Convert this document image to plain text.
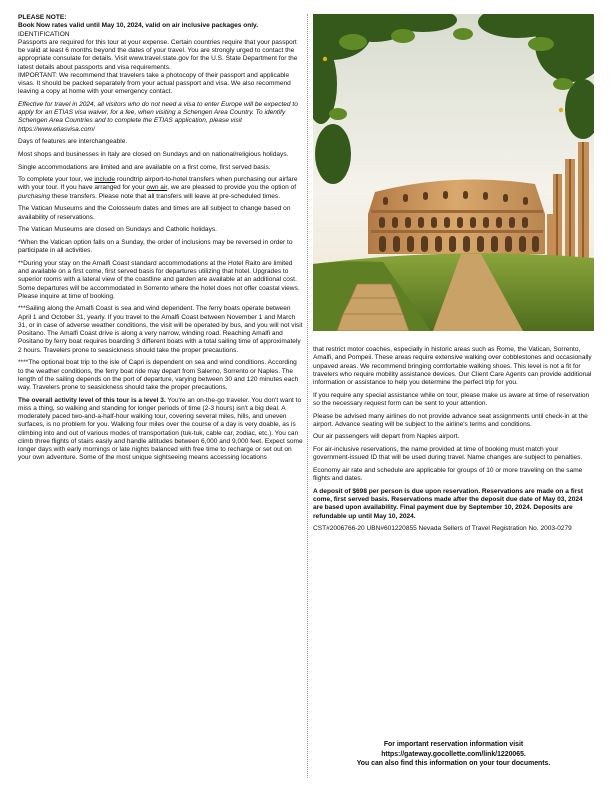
PLEASE NOTE:

Book Now rates valid until May 10, 2024, valid on air inclusive packages only.

IDENTIFICATION

Passports are required for this tour at your expense. Certain countries require that your passport be valid at least 6 months beyond the dates of your travel. You are strongly urged to contact the appropriate consulate for details. Visit www.travel.state.gov for the U.S. State Department for the latest details about passports and visa requirements.

IMPORTANT: We recommend that travelers take a photocopy of their passport and applicable visas. It should be packed separately from your actual passport and visa. We also recommend leaving a copy at home with your emergency contact.

Effective for travel in 2024, all visitors who do not need a visa to enter Europe will be expected to apply for an ETIAS visa waiver, for a fee, when visiting a Schengen Area Country. To identify Schengen Area Countries and to complete the ETIAS application, please visit https://www.etiasvisa.com/

Days of features are interchangeable.

Most shops and businesses in Italy are closed on Sundays and on national/religious holidays.

Single accommodations are limited and are available on a first come, first served basis.

To complete your tour, we include roundtrip airport-to-hotel transfers when purchasing our airfare with your tour. If you have arranged for your own air, we are pleased to provide you the option of purchasing these transfers. Please note that all transfers will leave at pre-scheduled times.

The Vatican Museums and the Colosseum dates and times are all subject to change based on availability of reservations.

The Vatican Museums are closed on Sundays and Catholic holidays.

*When the Vatican option falls on a Sunday, the order of inclusions may be reversed in order to participate in all activities.

**During your stay on the Amalfi Coast standard accommodations at the Hotel Raito are limited and available on a first come, first served basis for departures utilizing that hotel. Upgrades to superior rooms with a lateral view of the coastline and garden are available at an additional cost. Some departures will be accommodated in Sorrento where the hotel does not offer coastal views. Please inquire at time of booking.

***Sailing along the Amalfi Coast is sea and wind dependent. The ferry boats operate between April 1 and October 31, yearly. If you travel to the Amalfi Coast between November 1 and March 31, or in case of adverse weather conditions, the visit will be operated by bus, and you will not visit Positano. The Amalfi Coast drive is along a very narrow, winding road. Reaching Amalfi and Positano by ferry boat requires boarding 3 different boats with a total sailing time of approximately 2 hours. Travelers prone to seasickness should take the proper precautions.

****The optional boat trip to the isle of Capri is dependent on sea and wind conditions. According to the weather conditions, the ferry boat ride may depart from Salerno, Sorrento or Naples. The length of the sailing depends on the port of departure, varying between 30 and 120 minutes each way. Travelers prone to seasickness should take the proper precautions.

The overall activity level of this tour is a level 3. You're an on-the-go traveler. You don't want to miss a thing, so walking and standing for longer periods of time (2-3 hours) isn't a big deal. A moderately paced two-and-a-half-hour walking tour, covering several miles, hills, and uneven surfaces, is no problem for you. Walking four miles over the course of a day is very doable, as is climbing into and out of various modes of transportation (tuk-tuk, cable car, zodiac, etc.). You can climb three flights of stairs easily and handle altitudes between 6,000 and 9,000 feet. Expect some longer days with early mornings or late nights balanced with free time to recharge or set out on your own adventure. Some of the most unique sightseeing means accessing locations

that restrict motor coaches, especially in historic areas such as Rome, the Vatican, Sorrento, Amalfi, and Pompeii. These areas require extensive walking over cobblestones and occasionally unpaved areas. We recommend bringing comfortable walking shoes. This level is not a fit for travelers who require mobility assistance devices. Our Client Care Agents can provide additional information or assistance to help you determine the perfect trip for you.

If you require any special assistance while on tour, please make us aware at time of reservation so the necessary request form can be sent to your attention.

Please be advised many airlines do not provide advance seat assignments until check-in at the airport. Advance seating will be subject to the airline's terms and conditions.

Our air passengers will depart from Naples airport.

For air-inclusive reservations, the name provided at time of booking must match your government-issued ID that will be used during travel. Name changes are subject to penalties.

Economy air rate and schedule are applicable for groups of 10 or more traveling on the same flights and dates.

A deposit of $698 per person is due upon reservation. Reservations are made on a first come, first served basis. Reservations made after the deposit due date of May 03, 2024 are based upon availability. Final payment due by September 10, 2024. Deposits are refundable up until May 10, 2024.

CST#2006766-20 UBN#601220855 Nevada Sellers of Travel Registration No. 2003-0279

For important reservation information visit
https://gateway.gocollette.com/link/1220065.
You can also find this information on your tour documents.
